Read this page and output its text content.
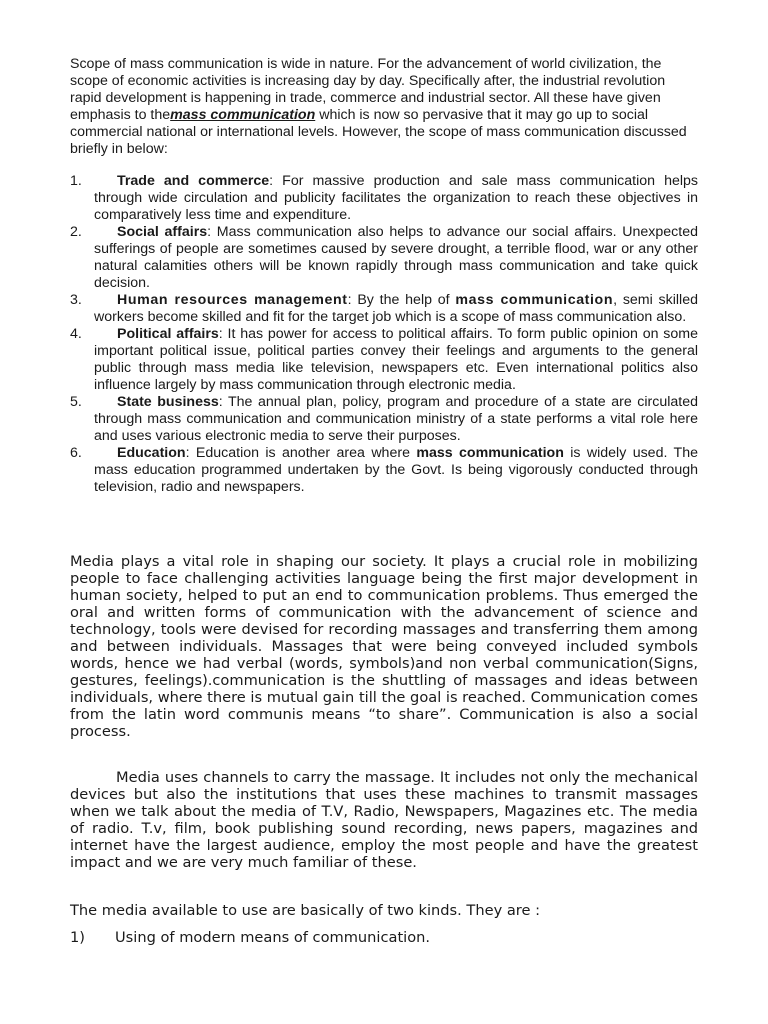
Scope of mass communication is wide in nature. For the advancement of world civilization, the scope of economic activities is increasing day by day. Specifically after, the industrial revolution rapid development is happening in trade, commerce and industrial sector. All these have given emphasis to themass communication which is now so pervasive that it may go up to social commercial national or international levels. However, the scope of mass communication discussed briefly in below:

1. Trade and commerce: For massive production and sale mass communication helps through wide circulation and publicity facilitates the organization to reach these objectives in comparatively less time and expenditure.
2. Social affairs: Mass communication also helps to advance our social affairs. Unexpected sufferings of people are sometimes caused by severe drought, a terrible flood, war or any other natural calamities others will be known rapidly through mass communication and take quick decision.
3. Human resources management: By the help of mass communication, semi skilled workers become skilled and fit for the target job which is a scope of mass communication also.
4. Political affairs: It has power for access to political affairs. To form public opinion on some important political issue, political parties convey their feelings and arguments to the general public through mass media like television, newspapers etc. Even international politics also influence largely by mass communication through electronic media.
5. State business: The annual plan, policy, program and procedure of a state are circulated through mass communication and communication ministry of a state performs a vital role here and uses various electronic media to serve their purposes.
6. Education: Education is another area where mass communication is widely used. The mass education programmed undertaken by the Govt. Is being vigorously conducted through television, radio and newspapers.

Media plays a vital role in shaping our society. It plays a crucial role in mobilizing people to face challenging activities language being the first major development in human society, helped to put an end to communication problems. Thus emerged the oral and written forms of communication with the advancement of science and technology, tools were devised for recording massages and transferring them among and between individuals. Massages that were being conveyed included symbols words, hence we had verbal (words, symbols)and non verbal communication(Signs, gestures, feelings).communication is the shuttling of massages and ideas between individuals, where there is mutual gain till the goal is reached. Communication comes from the latin word communis means “to share”. Communication is also a social process.

Media uses channels to carry the massage. It includes not only the mechanical devices but also the institutions that uses these machines to transmit massages when we talk about the media of T.V, Radio, Newspapers, Magazines etc. The media of radio. T.v, film, book publishing sound recording, news papers, magazines and internet have the largest audience, employ the most people and have the greatest impact and we are very much familiar of these.

The media available to use are basically of two kinds. They are :

1) Using of modern means of communication.
